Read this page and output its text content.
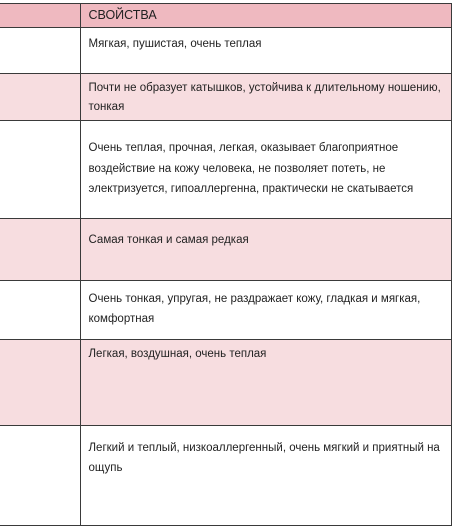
	СВОЙСТВА

	Мягкая, пушистая, очень теплая

	Почти не образует катышков, устойчива к длительному ношению, тонкая

	Очень теплая, прочная, легкая, оказывает благоприятное воздействие на кожу человека, не позволяет потеть, не электризуется, гипоаллергенна, практически не скатывается

	Самая тонкая и самая редкая

	Очень тонкая, упругая, не раздражает кожу, гладкая и мягкая, комфортная

	Легкая, воздушная, очень теплая

	Легкий и теплый, низкоаллергенный, очень мягкий и приятный на ощупь
